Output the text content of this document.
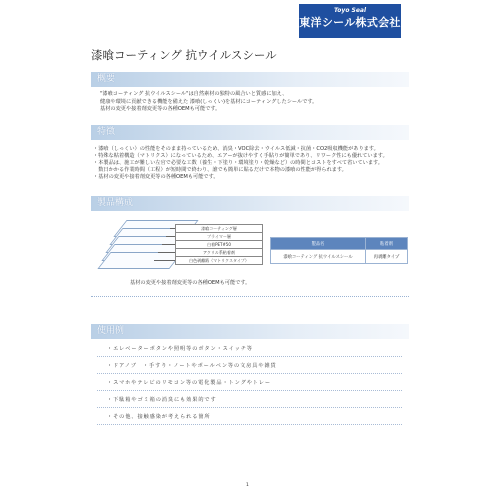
Toyo Seal
東洋シール株式会社
漆喰コーティング 抗ウイルスシール
概要
"漆喰コーティング 抗ウイルスシール"は自然素材の独特の風合いと質感に加え、
健康や環境に貢献できる機能を備えた 漆喰(しっくい)を基材にコーティングしたシールです。
基材の変更や接着剤変更等の各種OEMも可能です。
特徴
・漆喰（しっくい）の性能をそのまま持っているため、消臭・VOC除去・ウイルス低減・抗菌・CO2吸収機能があります。
・特殊な粘着構造（マトリクス）になっているため、エアーが抜けやすく手貼りが簡単であり、リワーク性にも優れています。
・本製品は、施工が難しい左官で必要な工数（養生・下塗り・環境塗り・乾燥など）の時間とコストをすべて省いています。
　数日かかる作業時間（工程）が短時間で終わり、誰でも簡単に貼るだけで本物の漆喰の性能が得られます。
・基材の変更や接着剤変更等の各種OEMも可能です。
製品構成
漆喰コーティング層
プライマー層
白着PET#50
アクリル系粘着剤
白色剥離紙（マトリクスタイプ）
製品名	粘着剤
漆喰コーティング 抗ウイルスシール	再剥離タイプ
基材の変更や接着剤変更等の各種OEMも可能です。
使用例
・エレベーターボタンや照明等のボタン・スイッチ等
・ドアノブ　・手すり・ノートやボールペン等の文房具や雑貨
・スマホやテレビのリモコン等の電化製品・トングやトレー
・下駄箱やゴミ箱の消臭にも効果的です
・その他、接触感染が考えられる箇所
1
